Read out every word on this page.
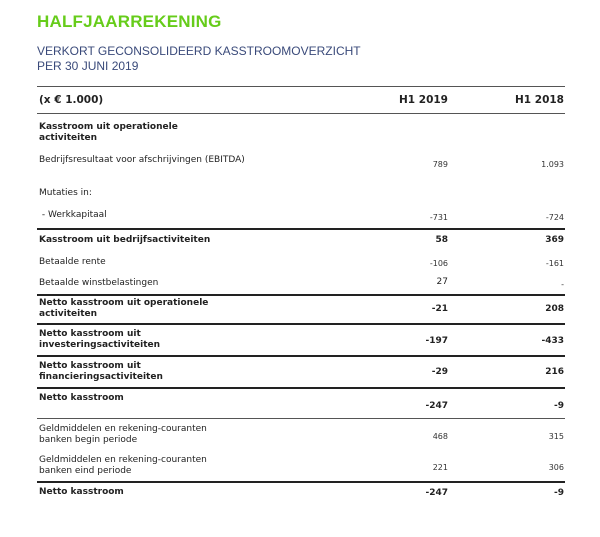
HALFJAARREKENING
VERKORT GECONSOLIDEERD KASSTROOMOVERZICHT
PER 30 JUNI 2019
(x € 1.000)	H1 2019	H1 2018
Kasstroom uit operationele
activiteiten
Bedrijfsresultaat voor afschrijvingen (EBITDA)	789	1.093
Mutaties in:
- Werkkapitaal	-731	-724
Kasstroom uit bedrijfsactiviteiten	58	369
Betaalde rente	-106	-161
Betaalde winstbelastingen	27	-
Netto kasstroom uit operationele
activiteiten	-21	208
Netto kasstroom uit
investeringsactiviteiten	-197	-433
Netto kasstroom uit
financieringsactiviteiten	-29	216
Netto kasstroom
-247	-9
Geldmiddelen en rekening-couranten
banken begin periode	468	315
Geldmiddelen en rekening-couranten
banken eind periode	221	306
Netto kasstroom	-247	-9
